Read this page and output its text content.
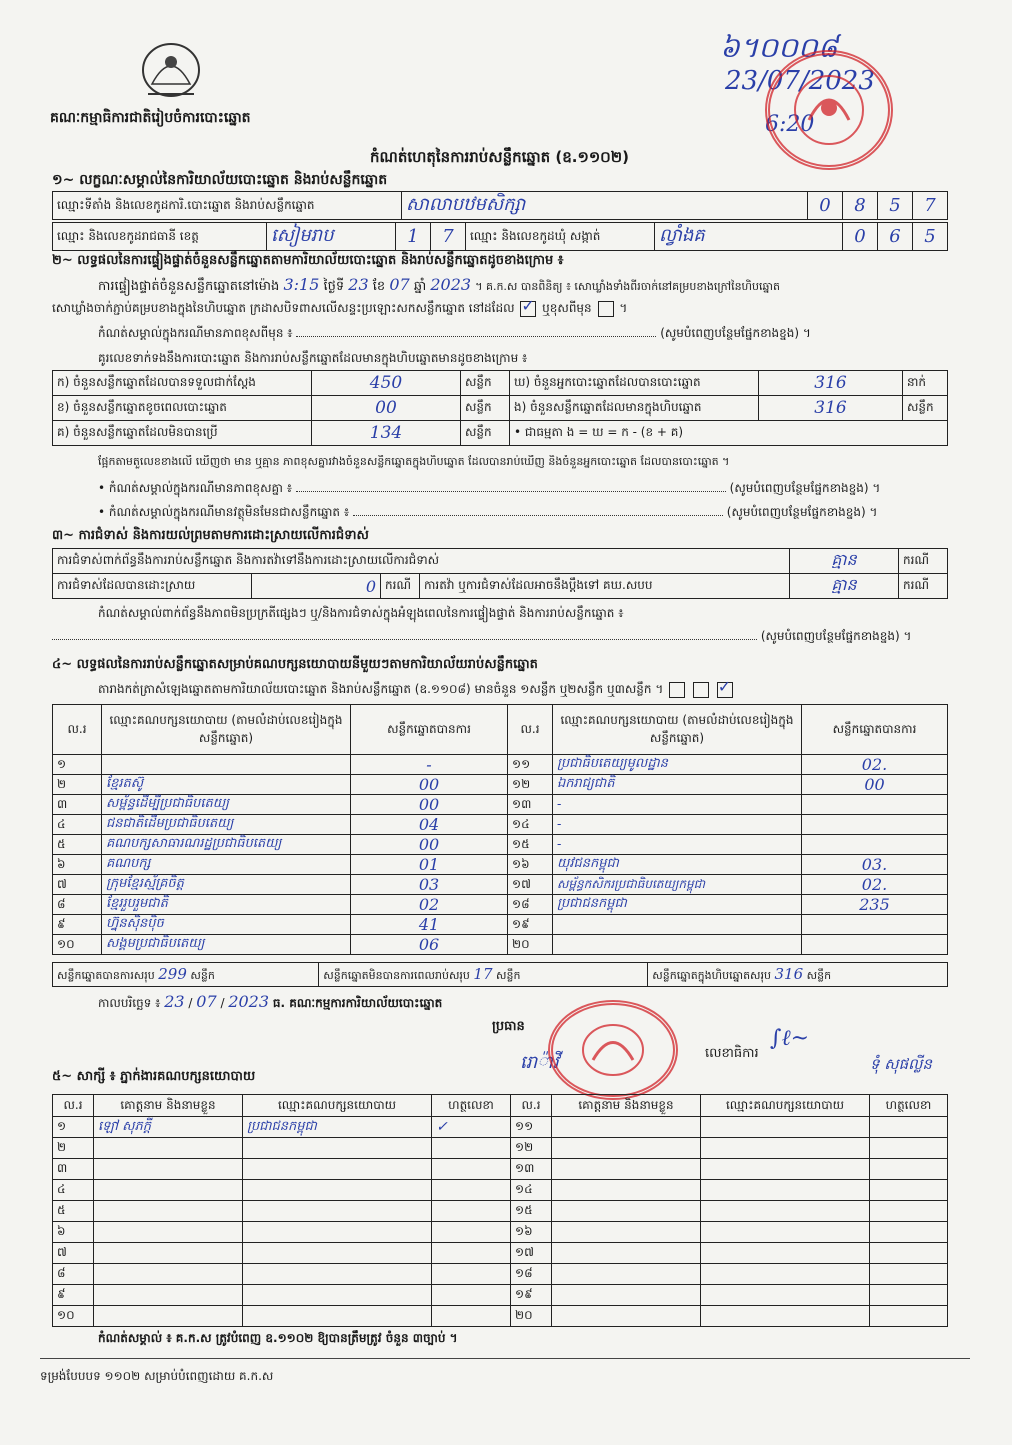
គណៈកម្មាធិការជាតិរៀបចំការបោះឆ្នោត
កំណត់ហេតុនៃការរាប់សន្លឹកឆ្នោត (ឧ.១១០២)
៦។០០០៨
23/07/2023
6:20
១~ លក្ខណៈសម្គាល់នៃការិយាល័យបោះឆ្នោត និងរាប់សន្លឹកឆ្នោត
ឈ្មោះទីតាំង និងលេខកូដការិ.បោះឆ្នោត និងរាប់សន្លឹកឆ្នោត	សាលាបឋមសិក្សា	0	8	5	7
ឈ្មោះ និងលេខកូដរាជធានី ខេត្ត	សៀមរាប	1	7	ឈ្មោះ និងលេខកូដឃុំ សង្កាត់	ល្វាំងគ	0	6	5
២~ លទ្ធផលនៃការផ្ទៀងផ្ទាត់ចំនួនសន្លឹកឆ្នោតតាមការិយាល័យបោះឆ្នោត និងរាប់សន្លឹកឆ្នោតដូចខាងក្រោម ៖
ការផ្ទៀងផ្ទាត់ចំនួនសន្លឹកឆ្នោតនៅម៉ោង 3:15 ថ្ងៃទី 23 ខែ 07 ឆ្នាំ 2023 ។ គ.ក.ស បានពិនិត្យ ៖ សោឃ្លាំងទាំងពីរចាក់នៅគម្របខាងក្រៅនៃហិបឆ្នោត
សោឃ្លាំងចាក់ភ្ជាប់គម្របខាងក្នុងនៃហិបឆ្នោត ក្រដាសបិទពាសលើសន្ទះប្រឡោះសកសន្លឹកឆ្នោត នៅដដែល ✓ ឬខុសពីមុន  ។
កំណត់សម្គាល់ក្នុងករណីមានភាពខុសពីមុន ៖	(សូមបំពេញបន្ថែមផ្នែកខាងខ្នង) ។
គូរលេខទាក់ទងនឹងការបោះឆ្នោត និងការរាប់សន្លឹកឆ្នោតដែលមានក្នុងហិបឆ្នោតមានដូចខាងក្រោម ៖
ក) ចំនួនសន្លឹកឆ្នោតដែលបានទទួលជាក់ស្តែង	450	សន្លឹក	ឃ) ចំនួនអ្នកបោះឆ្នោតដែលបានបោះឆ្នោត	316	នាក់
ខ) ចំនួនសន្លឹកឆ្នោតខូចពេលបោះឆ្នោត	00	សន្លឹក	ង) ចំនួនសន្លឹកឆ្នោតដែលមានក្នុងហិបឆ្នោត	316	សន្លឹក
គ) ចំនួនសន្លឹកឆ្នោតដែលមិនបានប្រើ	134	សន្លឹក	• ជាធម្មតា ង = ឃ = ក - (ខ + គ)		
ផ្អែកតាមតួលេខខាងលើ ឃើញថា មាន ឬគ្មាន ភាពខុសគ្នារវាងចំនួនសន្លឹកឆ្នោតក្នុងហិបឆ្នោត ដែលបានរាប់ឃើញ និងចំនួនអ្នកបោះឆ្នោត ដែលបានបោះឆ្នោត ។
• កំណត់សម្គាល់ក្នុងករណីមានភាពខុសគ្នា ៖	(សូមបំពេញបន្ថែមផ្នែកខាងខ្នង) ។
• កំណត់សម្គាល់ក្នុងករណីមានវត្ថុមិនមែនជាសន្លឹកឆ្នោត ៖	(សូមបំពេញបន្ថែមផ្នែកខាងខ្នង) ។
៣~ ការជំទាស់ និងការយល់ព្រមតាមការដោះស្រាយលើការជំទាស់
ការជំទាស់ពាក់ព័ន្ធនឹងការរាប់សន្លឹកឆ្នោត និងការតវ៉ាទៅនឹងការដោះស្រាយលើការជំទាស់				គ្មាន	ករណី
ការជំទាស់ដែលបានដោះស្រាយ	0	ករណី	ការតវ៉ា ឬការជំទាស់ដែលអាចនឹងប្តឹងទៅ គឃ.សបប	គ្មាន	ករណី
កំណត់សម្គាល់ពាក់ព័ន្ធនឹងភាពមិនប្រក្រតីផ្សេងៗ ឬ/និងការជំទាស់ក្នុងអំឡុងពេលនៃការផ្ទៀងផ្ទាត់ និងការរាប់សន្លឹកឆ្នោត ៖
(សូមបំពេញបន្ថែមផ្នែកខាងខ្នង) ។
៤~ លទ្ធផលនៃការរាប់សន្លឹកឆ្នោតសម្រាប់គណបក្សនយោបាយនីមួយៗតាមការិយាល័យរាប់សន្លឹកឆ្នោត
តារាងកត់ត្រាសំឡេងឆ្នោតតាមការិយាល័យបោះឆ្នោត និងរាប់សន្លឹកឆ្នោត (ឧ.១១០៨) មានចំនួន ១សន្លឹក ឬ២សន្លឹក ឬ៣សន្លឹក ។   ✓
ល.រ	ឈ្មោះគណបក្សនយោបាយ (តាមលំដាប់លេខរៀងក្នុងសន្លឹកឆ្នោត)	សន្លឹកឆ្នោតបានការ	ល.រ	ឈ្មោះគណបក្សនយោបាយ (តាមលំដាប់លេខរៀងក្នុងសន្លឹកឆ្នោត)	សន្លឹកឆ្នោតបានការ
១		-	១១	ប្រជាធិបតេយ្យមូលដ្ឋាន	02.
២	ខ្មែរតស៊ូ	00	១២	ឯករាជ្យជាតិ	00
៣	សម្ព័ន្ធដើម្បីប្រជាធិបតេយ្យ	00	១៣	-	
៤	ជនជាតិដើមប្រជាធិបតេយ្យ	04	១៤	-	
៥	គណបក្សសាធារណរដ្ឋប្រជាធិបតេយ្យ	00	១៥	-	
៦	គណបក្ស	01	១៦	យុវជនកម្ពុជា	03.
៧	ក្រុមខ្មែរស្ម័គ្រចិត្ត	03	១៧	សម្ព័ន្ធកសិករប្រជាធិបតេយ្យកម្ពុជា	02.
៨	ខ្មែររួបរួមជាតិ	02	១៨	ប្រជាជនកម្ពុជា	235
៩	ហ្វ៊ុនស៊ិនប៉ិច	41	១៩		
១០	សង្គមប្រជាធិបតេយ្យ	06	២០		
សន្លឹកឆ្នោតបានការសរុប 299 សន្លឹក	សន្លឹកឆ្នោតមិនបានការពេលរាប់សរុប 17 សន្លឹក	សន្លឹកឆ្នោតក្នុងហិបឆ្នោតសរុប 316 សន្លឹក
កាលបរិច្ឆេទ ៖ 23 / 07 / 2023 ធ. គណៈកម្មការការិយាល័យបោះឆ្នោត
ប្រធាន
រោ៉ាវី	លេខាធិការ
∫ℓ~
ទុំ សុផល្លីន
៥~ សាក្សី ៖ ភ្នាក់ងារគណបក្សនយោបាយ
ល.រ	គោត្តនាម និងនាមខ្លួន	ឈ្មោះគណបក្សនយោបាយ	ហត្ថលេខា	ល.រ	គោត្តនាម និងនាមខ្លួន	ឈ្មោះគណបក្សនយោបាយ	ហត្ថលេខា
១	ឡៅ សុភក្តី	ប្រជាជនកម្ពុជា	✓	១១			
២				១២			
៣				១៣			
៤				១៤			
៥				១៥			
៦				១៦			
៧				១៧			
៨				១៨			
៩				១៩			
១០				២០			
កំណត់សម្គាល់ ៖ គ.ក.ស ត្រូវបំពេញ ឧ.១១០២ ឱ្យបានត្រឹមត្រូវ ចំនួន ៣ច្បាប់ ។
ទម្រង់បែបបទ ១១០២ សម្រាប់បំពេញដោយ គ.ក.ស
